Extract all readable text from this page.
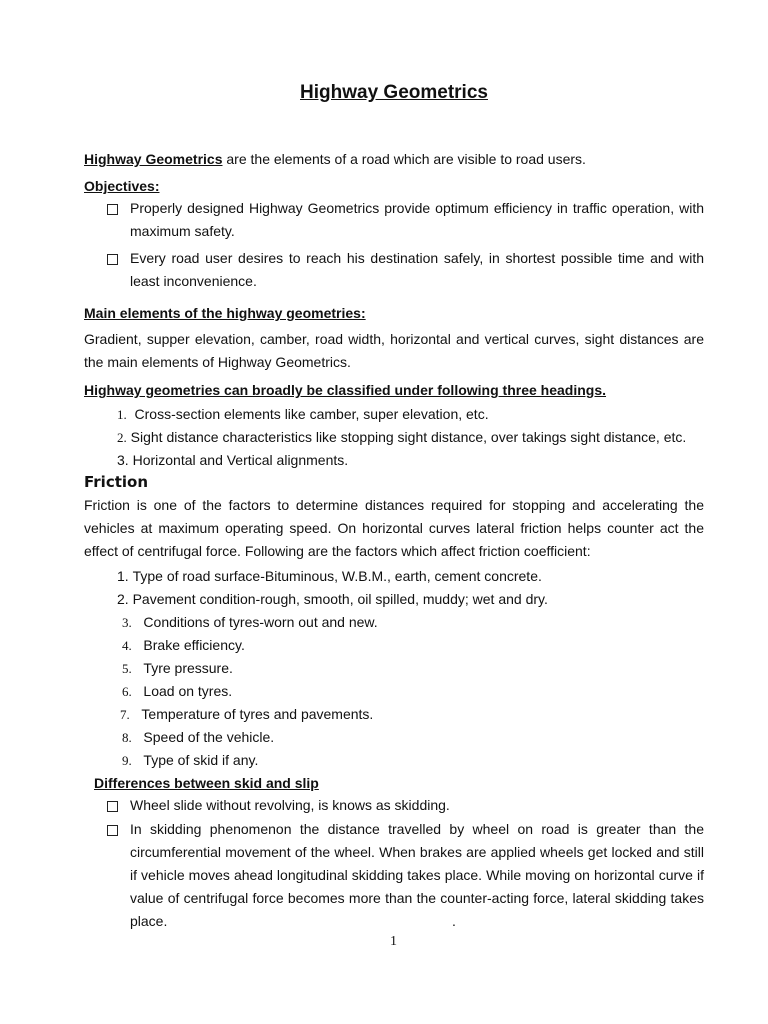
Highway Geometrics
Highway Geometrics are the elements of a road which are visible to road users.
Objectives:
Properly designed Highway Geometrics provide optimum efficiency in traffic operation, with maximum safety.
Every road user desires to reach his destination safely, in shortest possible time and with least inconvenience.
Main elements of the highway geometries:
Gradient, supper elevation, camber, road width, horizontal and vertical curves, sight distances are the main elements of Highway Geometrics.
Highway geometries can broadly be classified under following three headings.
1. Cross-section elements like camber, super elevation, etc.
2. Sight distance characteristics like stopping sight distance, over takings sight distance, etc.
3. Horizontal and Vertical alignments.
Friction
Friction is one of the factors to determine distances required for stopping and accelerating the vehicles at maximum operating speed. On horizontal curves lateral friction helps counter act the effect of centrifugal force. Following are the factors which affect friction coefficient:
1. Type of road surface-Bituminous, W.B.M., earth, cement concrete.
2. Pavement condition-rough, smooth, oil spilled, muddy; wet and dry.
3. Conditions of tyres-worn out and new.
4. Brake efficiency.
5. Tyre pressure.
6. Load on tyres.
7. Temperature of tyres and pavements.
8. Speed of the vehicle.
9. Type of skid if any.
Differences between skid and slip
Wheel slide without revolving, is knows as skidding.
In skidding phenomenon the distance travelled by wheel on road is greater than the circumferential movement of the wheel. When brakes are applied wheels get locked and still if vehicle moves ahead longitudinal skidding takes place. While moving on horizontal curve if value of centrifugal force becomes more than the counter-acting force, lateral skidding takes place.	.
1
